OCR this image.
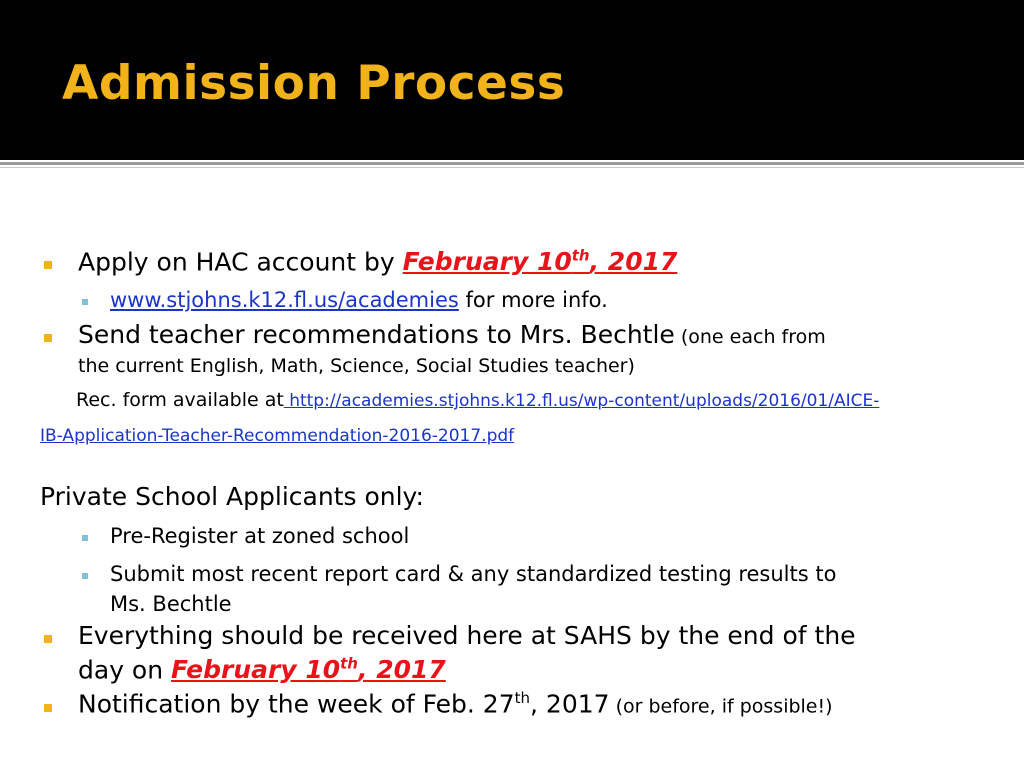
Admission Process
Apply on HAC account by February 10th, 2017
www.stjohns.k12.fl.us/academies for more info.
Send teacher recommendations to Mrs. Bechtle (one each from
the current English, Math, Science, Social Studies teacher)
Rec. form available at http://academies.stjohns.k12.fl.us/wp-content/uploads/2016/01/AICE-
IB-Application-Teacher-Recommendation-2016-2017.pdf
Private School Applicants only:
Pre-Register at zoned school
Submit most recent report card & any standardized testing results to
Ms. Bechtle
Everything should be received here at SAHS by the end of the
day on February 10th, 2017
Notification by the week of Feb. 27th, 2017 (or before, if possible!)
